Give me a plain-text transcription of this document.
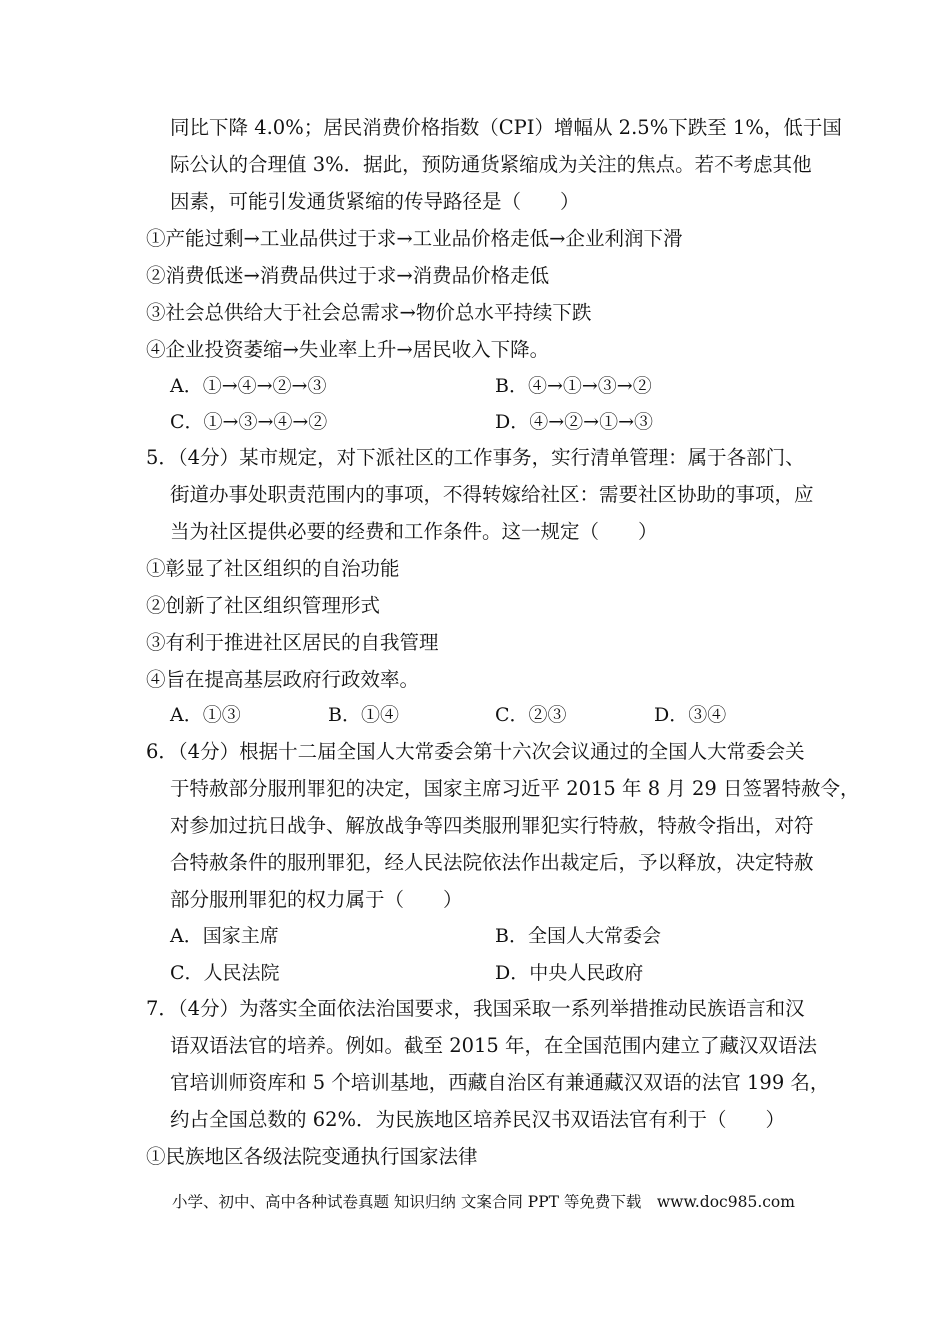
同比下降 4.0%；居民消费价格指数（CPI）增幅从 2.5%下跌至 1%，低于国
际公认的合理值 3%．据此，预防通货紧缩成为关注的焦点。若不考虑其他
因素，可能引发通货紧缩的传导路径是（　　）
①产能过剩→工业品供过于求→工业品价格走低→企业利润下滑
②消费低迷→消费品供过于求→消费品价格走低
③社会总供给大于社会总需求→物价总水平持续下跌
④企业投资萎缩→失业率上升→居民收入下降。
A．①→④→②→③	B．④→①→③→②
C．①→③→④→②	D．④→②→①→③
5．（4分）某市规定，对下派社区的工作事务，实行清单管理：属于各部门、
街道办事处职责范围内的事项，不得转嫁给社区：需要社区协助的事项，应
当为社区提供必要的经费和工作条件。这一规定（　　）
①彰显了社区组织的自治功能
②创新了社区组织管理形式
③有利于推进社区居民的自我管理
④旨在提高基层政府行政效率。
A．①③	B．①④	C．②③	D．③④
6．（4分）根据十二届全国人大常委会第十六次会议通过的全国人大常委会关
于特赦部分服刑罪犯的决定，国家主席习近平 2015 年 8 月 29 日签署特赦令，
对参加过抗日战争、解放战争等四类服刑罪犯实行特赦，特赦令指出，对符
合特赦条件的服刑罪犯，经人民法院依法作出裁定后，予以释放，决定特赦
部分服刑罪犯的权力属于（　　）
A．国家主席	B．全国人大常委会
C．人民法院	D．中央人民政府
7．（4分）为落实全面依法治国要求，我国采取一系列举措推动民族语言和汉
语双语法官的培养。例如。截至 2015 年，在全国范围内建立了藏汉双语法
官培训师资库和 5 个培训基地，西藏自治区有兼通藏汉双语的法官 199 名，
约占全国总数的 62%．为民族地区培养民汉书双语法官有利于（　　）
①民族地区各级法院变通执行国家法律
小学、初中、高中各种试卷真题 知识归纳 文案合同 PPT 等免费下载　www.doc985.com
